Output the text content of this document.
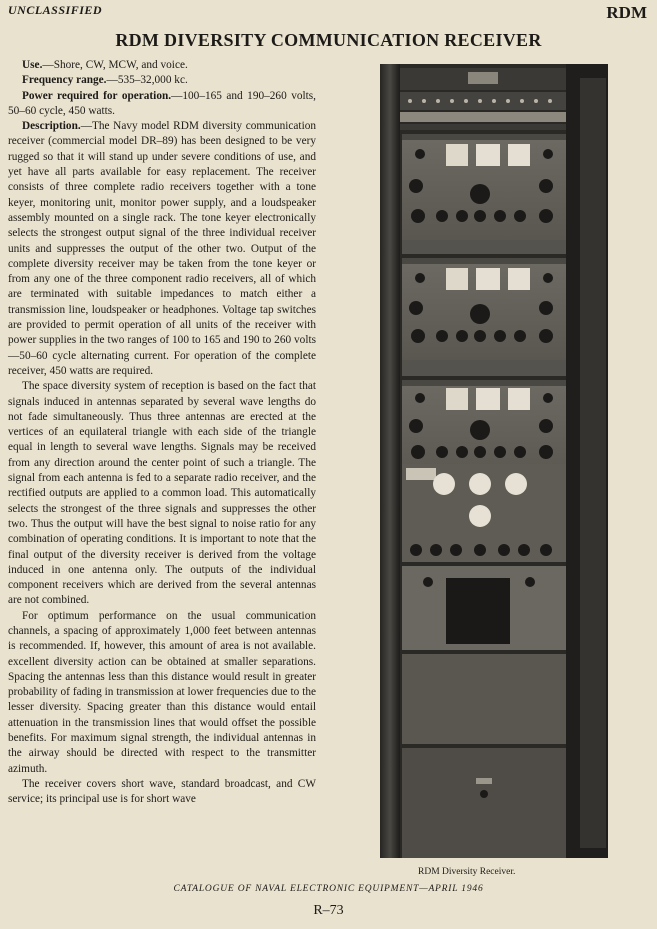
UNCLASSIFIED	RDM
RDM DIVERSITY COMMUNICATION RECEIVER

Use.—Shore, CW, MCW, and voice.

Frequency range.—535–32,000 kc.

Power required for operation.—100–165 and 190–260 volts, 50–60 cycle, 450 watts.

Description.—The Navy model RDM diversity communication receiver (commercial model DR–89) has been designed to be very rugged so that it will stand up under severe conditions of use, and yet have all parts available for easy replacement. The receiver consists of three complete radio receivers together with a tone keyer, monitoring unit, monitor power supply, and a loudspeaker assembly mounted on a single rack. The tone keyer electronically selects the strongest output signal of the three individual receiver units and suppresses the output of the other two. Output of the complete diversity receiver may be taken from the tone keyer or from any one of the three component radio receivers, all of which are terminated with suitable impedances to match either a transmission line, loudspeaker or headphones. Voltage tap switches are provided to permit operation of all units of the receiver with power supplies in the two ranges of 100 to 165 and 190 to 260 volts—50–60 cycle alternating current. For operation of the complete receiver, 450 watts are required.

The space diversity system of reception is based on the fact that signals induced in antennas separated by several wave lengths do not fade simultaneously. Thus three antennas are erected at the vertices of an equilateral triangle with each side of the triangle equal in length to several wave lengths. Signals may be received from any direction around the center point of such a triangle. The signal from each antenna is fed to a separate radio receiver, and the rectified outputs are applied to a common load. This automatically selects the strongest of the three signals and suppresses the other two. Thus the output will have the best signal to noise ratio for any combination of operating conditions. It is important to note that the final output of the diversity receiver is derived from the voltage induced in one antenna only. The outputs of the individual component receivers which are derived from the several antennas are not combined.

For optimum performance on the usual communication channels, a spacing of approximately 1,000 feet between antennas is recommended. If, however, this amount of area is not available. excellent diversity action can be obtained at smaller separations. Spacing the antennas less than this distance would result in greater probability of fading in transmission at lower frequencies due to the lesser diversity. Spacing greater than this distance would entail attenuation in the transmission lines that would offset the possible benefits. For maximum signal strength, the individual antennas in the airway should be directed with respect to the transmitter azimuth.

The receiver covers short wave, standard broadcast, and CW service; its principal use is for short wave

RDM Diversity Receiver.
CATALOGUE OF NAVAL ELECTRONIC EQUIPMENT—APRIL 1946
R–73
